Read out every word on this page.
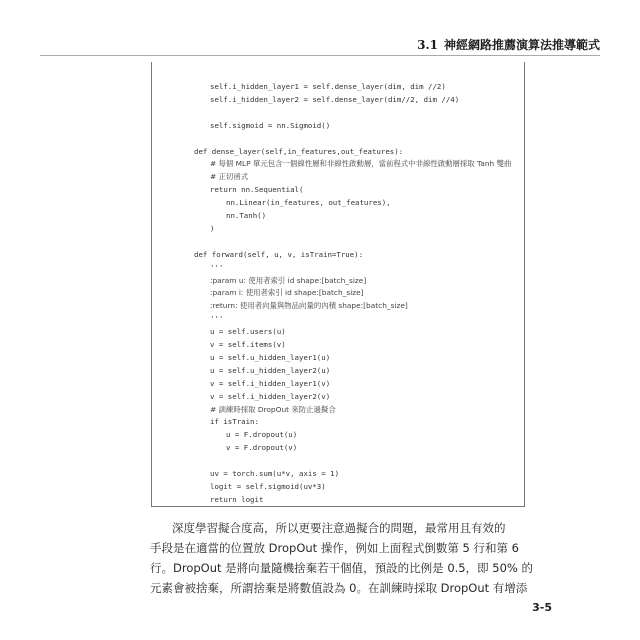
3.1 神經網路推薦演算法推導範式
self.i_hidden_layer1 = self.dense_layer(dim, dim //2)
self.i_hidden_layer2 = self.dense_layer(dim//2, dim //4)
self.sigmoid = nn.Sigmoid()
def dense_layer(self,in_features,out_features):
# 每個 MLP 單元包含一個線性層和非線性啟動層，當前程式中非線性啟動層採取 Tanh 雙曲
# 正切函式
return nn.Sequential(
nn.Linear(in_features, out_features),
nn.Tanh()
)
def forward(self, u, v, isTrain=True):
'''
:param u: 使用者索引 id shape:[batch_size]
:param i: 使用者索引 id shape:[batch_size]
:return: 使用者向量與物品向量的內積 shape:[batch_size]
'''
u = self.users(u)
v = self.items(v)
u = self.u_hidden_layer1(u)
u = self.u_hidden_layer2(u)
v = self.i_hidden_layer1(v)
v = self.i_hidden_layer2(v)
# 訓練時採取 DropOut 來防止過擬合
if isTrain:
u = F.dropout(u)
v = F.dropout(v)
uv = torch.sum(u*v, axis = 1)
logit = self.sigmoid(uv*3)
return logit

深度學習擬合度高，所以更要注意過擬合的問題，最常用且有效的

手段是在適當的位置放 DropOut 操作，例如上面程式倒數第 5 行和第 6

行。DropOut 是將向量隨機捨棄若干個值，預設的比例是 0.5，即 50% 的

元素會被捨棄，所謂捨棄是將數值設為 0。在訓練時採取 DropOut 有增添

3-5
